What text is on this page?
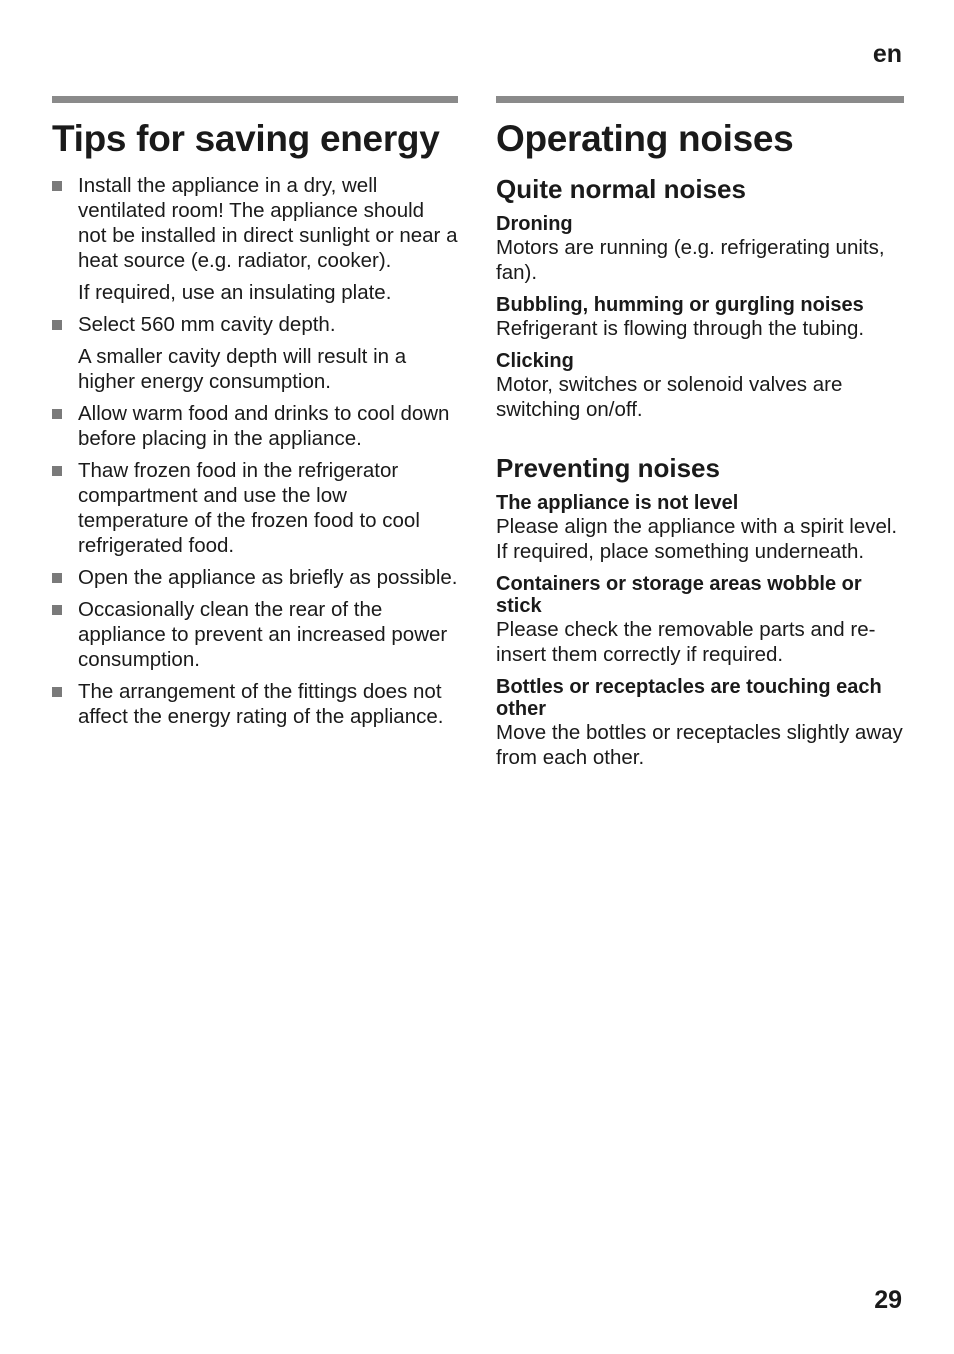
en
Tips for saving energy
Install the appliance in a dry, well ventilated room! The appliance should not be installed in direct sunlight or near a heat source (e.g. radiator, cooker).
If required, use an insulating plate.
Select 560 mm cavity depth.
A smaller cavity depth will result in a higher energy consumption.
Allow warm food and drinks to cool down before placing in the appliance.
Thaw frozen food in the refrigerator compartment and use the low temperature of the frozen food to cool refrigerated food.
Open the appliance as briefly as possible.
Occasionally clean the rear of the appliance to prevent an increased power consumption.
The arrangement of the fittings does not affect the energy rating of the appliance.
Operating noises
Quite normal noises
Droning
Motors are running (e.g. refrigerating units, fan).
Bubbling, humming or gurgling noises
Refrigerant is flowing through the tubing.
Clicking
Motor, switches or solenoid valves are switching on/off.
Preventing noises
The appliance is not level
Please align the appliance with a spirit level. If required, place something underneath.
Containers or storage areas wobble or stick
Please check the removable parts and re-insert them correctly if required.
Bottles or receptacles are touching each other
Move the bottles or receptacles slightly away from each other.
29
